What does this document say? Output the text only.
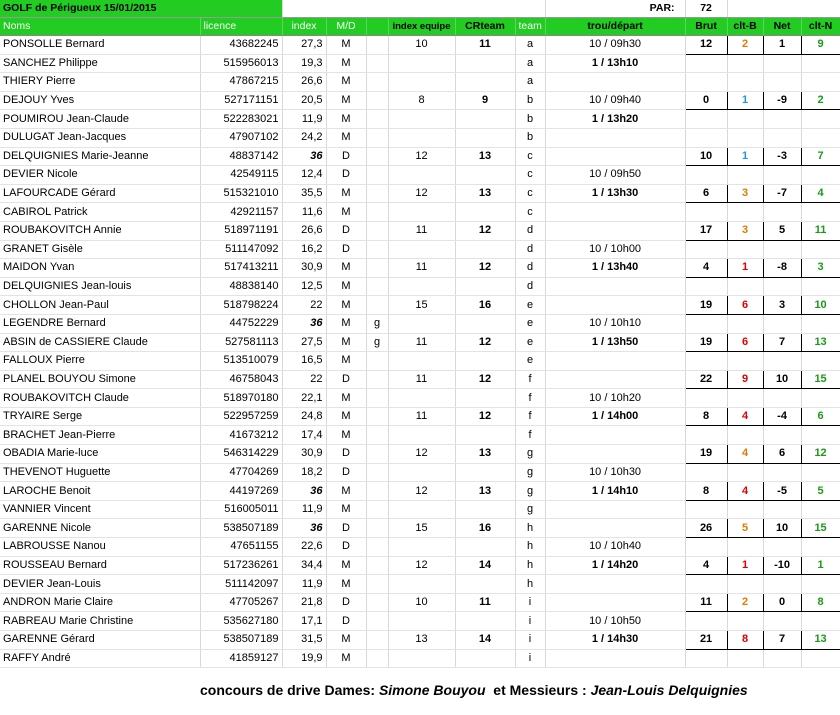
GOLF de Périgueux 15/01/2015								PAR:	72			
Noms	licence	index	M/D		index equipe	CRteam	team	trou/départ	Brut	clt-B	Net	clt-N
PONSOLLE Bernard	43682245	27,3	M		10	11	a	10 / 09h30	12	2	1	9
SANCHEZ Philippe	515956013	19,3	M				a	1 / 13h10				
THIERY Pierre	47867215	26,6	M				a					
DEJOUY Yves	527171151	20,5	M		8	9	b	10 / 09h40	0	1	-9	2
POUMIROU Jean-Claude	522283021	11,9	M				b	1 / 13h20				
DULUGAT Jean-Jacques	47907102	24,2	M				b					
DELQUIGNIES Marie-Jeanne	48837142	36	D		12	13	c		10	1	-3	7
DEVIER Nicole	42549115	12,4	D				c	10 / 09h50				
LAFOURCADE Gérard	515321010	35,5	M		12	13	c	1 / 13h30	6	3	-7	4
CABIROL Patrick	42921157	11,6	M				c					
ROUBAKOVITCH Annie	518971191	26,6	D		11	12	d		17	3	5	11
GRANET Gisèle	511147092	16,2	D				d	10 / 10h00				
MAIDON Yvan	517413211	30,9	M		11	12	d	1 / 13h40	4	1	-8	3
DELQUIGNIES Jean-louis	48838140	12,5	M				d					
CHOLLON Jean-Paul	518798224	22	M		15	16	e		19	6	3	10
LEGENDRE Bernard	44752229	36	M	g			e	10 / 10h10				
ABSIN de CASSIERE Claude	527581113	27,5	M	g	11	12	e	1 / 13h50	19	6	7	13
FALLOUX Pierre	513510079	16,5	M				e					
PLANEL BOUYOU Simone	46758043	22	D		11	12	f		22	9	10	15
ROUBAKOVITCH Claude	518970180	22,1	M				f	10 / 10h20				
TRYAIRE Serge	522957259	24,8	M		11	12	f	1 / 14h00	8	4	-4	6
BRACHET Jean-Pierre	41673212	17,4	M				f					
OBADIA Marie-luce	546314229	30,9	D		12	13	g		19	4	6	12
THEVENOT Huguette	47704269	18,2	D				g	10 / 10h30				
LAROCHE Benoit	44197269	36	M		12	13	g	1 / 14h10	8	4	-5	5
VANNIER Vincent	516005011	11,9	M				g					
GARENNE Nicole	538507189	36	D		15	16	h		26	5	10	15
LABROUSSE Nanou	47651155	22,6	D				h	10 / 10h40				
ROUSSEAU Bernard	517236261	34,4	M		12	14	h	1 / 14h20	4	1	-10	1
DEVIER Jean-Louis	511142097	11,9	M				h					
ANDRON Marie Claire	47705267	21,8	D		10	11	i		11	2	0	8
RABREAU Marie Christine	535627180	17,1	D				i	10 / 10h50				
GARENNE Gérard	538507189	31,5	M		13	14	i	1 / 14h30	21	8	7	13
RAFFY André	41859127	19,9	M				i					
concours de drive Dames: Simone Bouyou  et Messieurs : Jean-Louis Delquignies
